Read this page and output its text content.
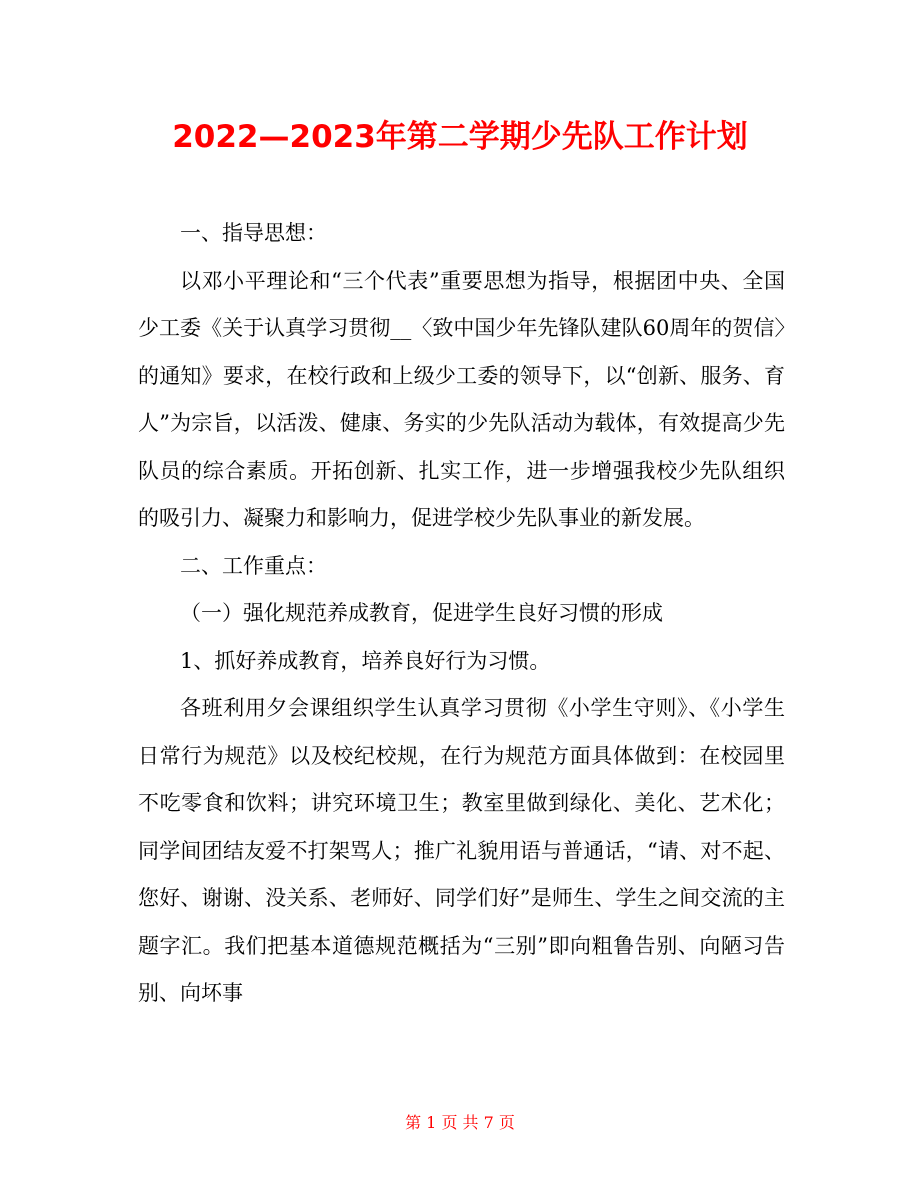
2022—2023年第二学期少先队工作计划

一、指导思想：

以邓小平理论和“三个代表”重要思想为指导，根据团中央、全国少工委《关于认真学习贯彻__〈致中国少年先锋队建队60周年的贺信〉的通知》要求，在校行政和上级少工委的领导下，以“创新、服务、育人”为宗旨，以活泼、健康、务实的少先队活动为载体，有效提高少先队员的综合素质。开拓创新、扎实工作，进一步增强我校少先队组织的吸引力、凝聚力和影响力，促进学校少先队事业的新发展。

二、工作重点：

（一）强化规范养成教育，促进学生良好习惯的形成

1、抓好养成教育，培养良好行为习惯。

各班利用夕会课组织学生认真学习贯彻《小学生守则》、《小学生日常行为规范》以及校纪校规，在行为规范方面具体做到：在校园里不吃零食和饮料；讲究环境卫生；教室里做到绿化、美化、艺术化；同学间团结友爱不打架骂人；推广礼貌用语与普通话，“请、对不起、您好、谢谢、没关系、老师好、同学们好”是师生、学生之间交流的主题字汇。我们把基本道德规范概括为“三别”即向粗鲁告别、向陋习告别、向坏事

第 1 页 共 7 页
